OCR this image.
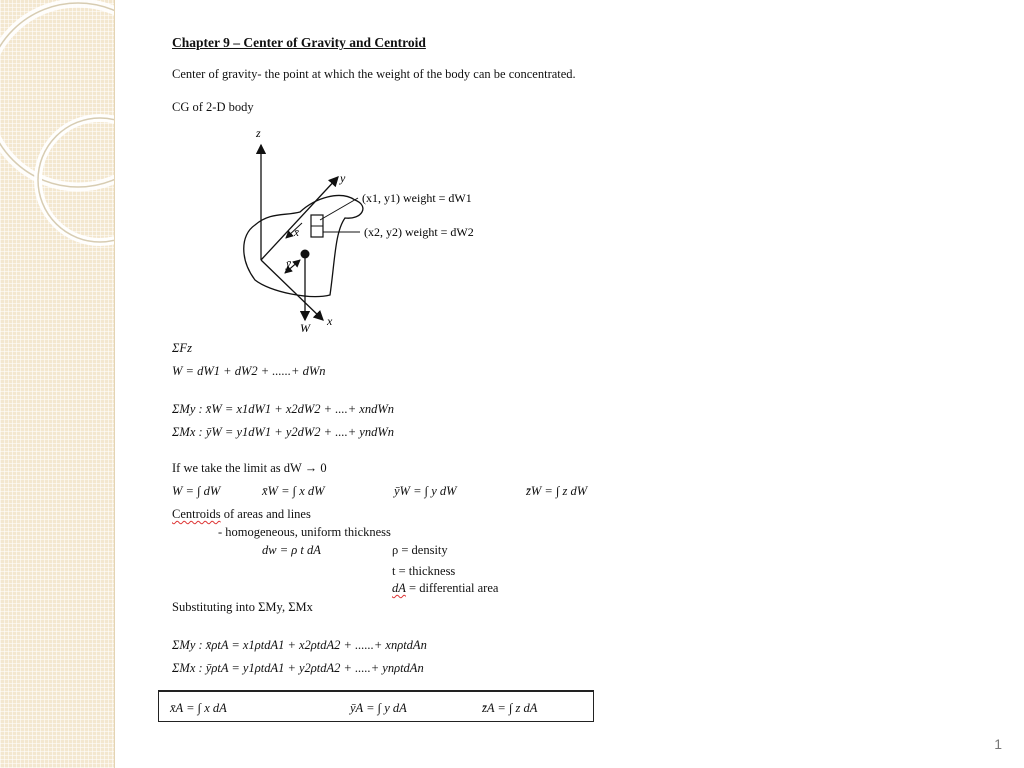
Chapter 9 – Center of Gravity and Centroid
Center of gravity- the point at which the weight of the body can be concentrated.
CG of 2-D body
z
y
x
x̄
ȳ
W
(x1, y1) weight = dW1
(x2, y2) weight = dW2
ΣFz
W = dW1 + dW2 + ......+ dWn
ΣMy : x̄W = x1dW1 + x2dW2 + ....+ xndWn
ΣMx : ȳW = y1dW1 + y2dW2 + ....+ yndWn
If we take the limit as dW → 0
W = ∫ dW	x̄W = ∫ x dW	ȳW = ∫ y dW	z̄W = ∫ z dW
Centroids of areas and lines
- homogeneous, uniform thickness
dw = ρ t dA	ρ = density
t = thickness
dA = differential area
Substituting into ΣMy, ΣMx
ΣMy : x̄ρtA = x1ρtdA1 + x2ρtdA2 + ......+ xnρtdAn
ΣMx : ȳρtA = y1ρtdA1 + y2ρtdA2 + .....+ ynρtdAn
x̄A = ∫ x dA	ȳA = ∫ y dA	z̄A = ∫ z dA
1
